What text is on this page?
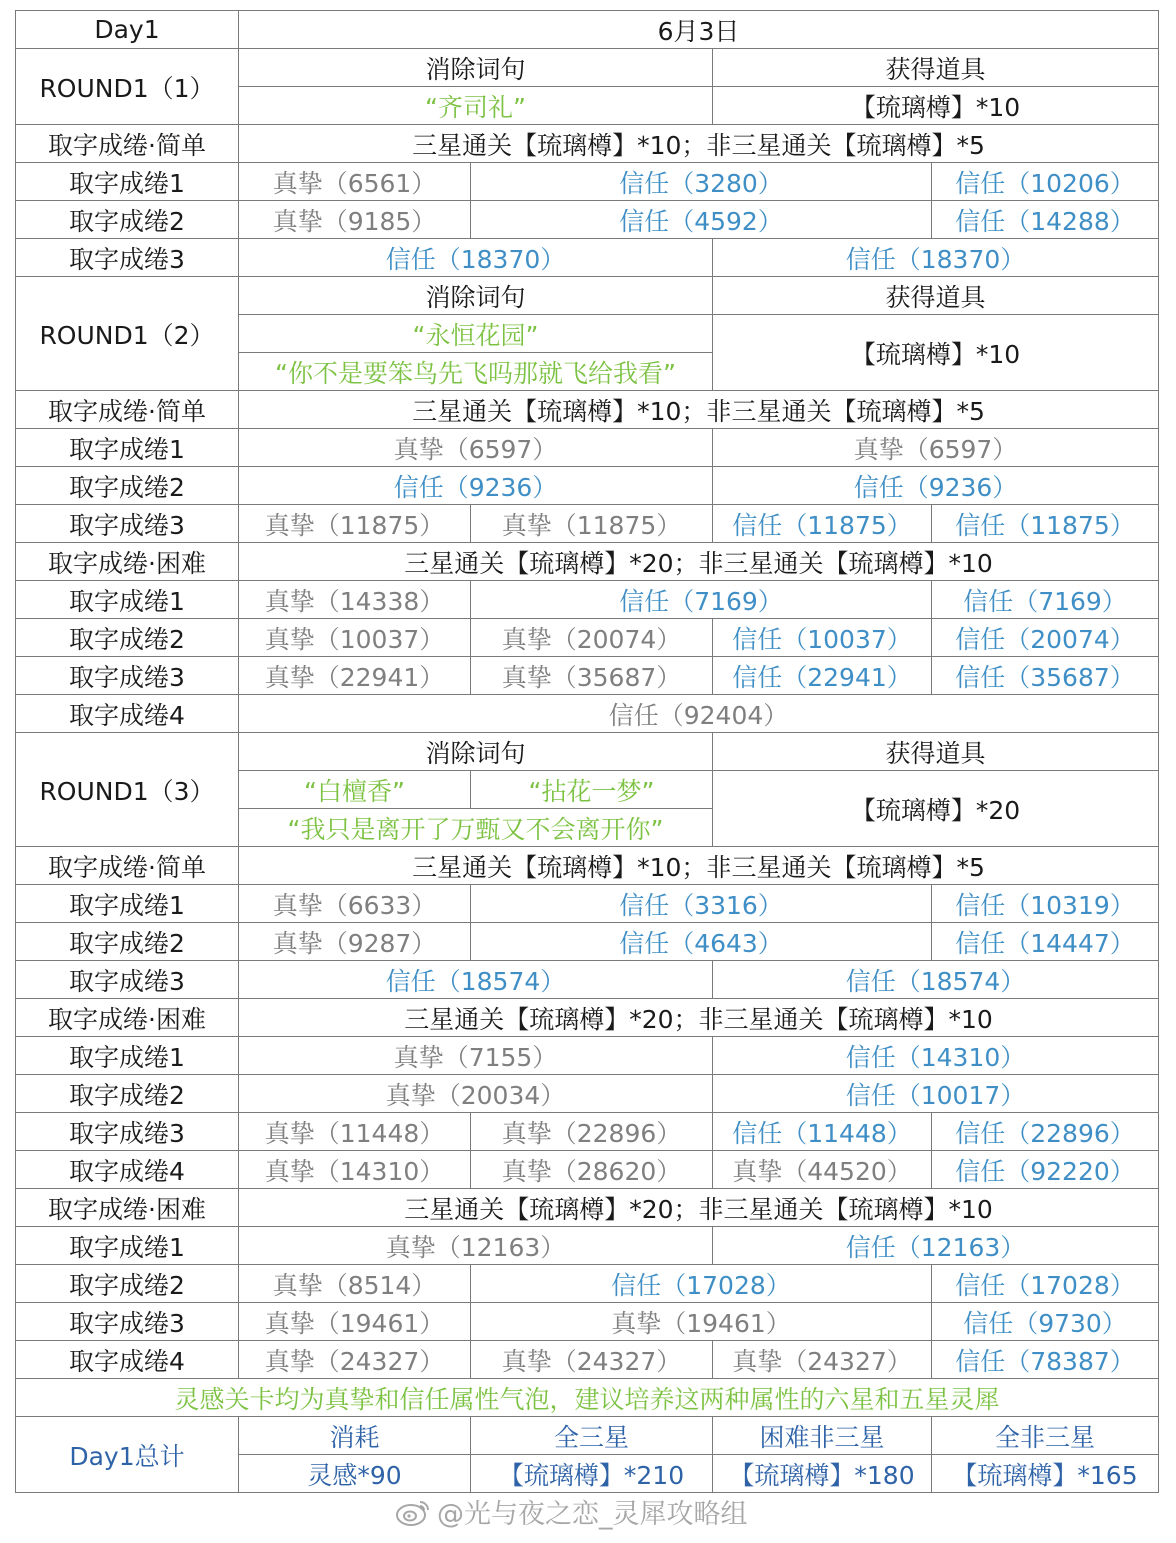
Day1	6月3日			
ROUND1（1）	消除词句		获得道具	
	“齐司礼”		【琉璃樽】*10	
取字成绻·简单	三星通关【琉璃樽】*10；非三星通关【琉璃樽】*5			
取字成绻1	真挚（6561）	信任（3280）		信任（10206）
取字成绻2	真挚（9185）	信任（4592）		信任（14288）
取字成绻3	信任（18370）		信任（18370）	
ROUND1（2）	消除词句		获得道具	
	“永恒花园”		【琉璃樽】*10	
	“你不是要笨鸟先飞吗那就飞给我看”			
取字成绻·简单	三星通关【琉璃樽】*10；非三星通关【琉璃樽】*5			
取字成绻1	真挚（6597）		真挚（6597）	
取字成绻2	信任（9236）		信任（9236）	
取字成绻3	真挚（11875）	真挚（11875）	信任（11875）	信任（11875）
取字成绻·困难	三星通关【琉璃樽】*20；非三星通关【琉璃樽】*10			
取字成绻1	真挚（14338）	信任（7169）		信任（7169）
取字成绻2	真挚（10037）	真挚（20074）	信任（10037）	信任（20074）
取字成绻3	真挚（22941）	真挚（35687）	信任（22941）	信任（35687）
取字成绻4	信任（92404）			
ROUND1（3）	消除词句		获得道具	
	“白檀香”	“拈花一梦”	【琉璃樽】*20	
	“我只是离开了万甄又不会离开你”			
取字成绻·简单	三星通关【琉璃樽】*10；非三星通关【琉璃樽】*5			
取字成绻1	真挚（6633）	信任（3316）		信任（10319）
取字成绻2	真挚（9287）	信任（4643）		信任（14447）
取字成绻3	信任（18574）		信任（18574）	
取字成绻·困难	三星通关【琉璃樽】*20；非三星通关【琉璃樽】*10			
取字成绻1	真挚（7155）		信任（14310）	
取字成绻2	真挚（20034）		信任（10017）	
取字成绻3	真挚（11448）	真挚（22896）	信任（11448）	信任（22896）
取字成绻4	真挚（14310）	真挚（28620）	真挚（44520）	信任（92220）
取字成绻·困难	三星通关【琉璃樽】*20；非三星通关【琉璃樽】*10			
取字成绻1	真挚（12163）		信任（12163）	
取字成绻2	真挚（8514）	信任（17028）		信任（17028）
取字成绻3	真挚（19461）	真挚（19461）		信任（9730）
取字成绻4	真挚（24327）	真挚（24327）	真挚（24327）	信任（78387）
灵感关卡均为真挚和信任属性气泡，建议培养这两种属性的六星和五星灵犀				
Day1总计	消耗	全三星	困难非三星	全非三星
	灵感*90	【琉璃樽】*210	【琉璃樽】*180	【琉璃樽】*165
@光与夜之恋_灵犀攻略组
